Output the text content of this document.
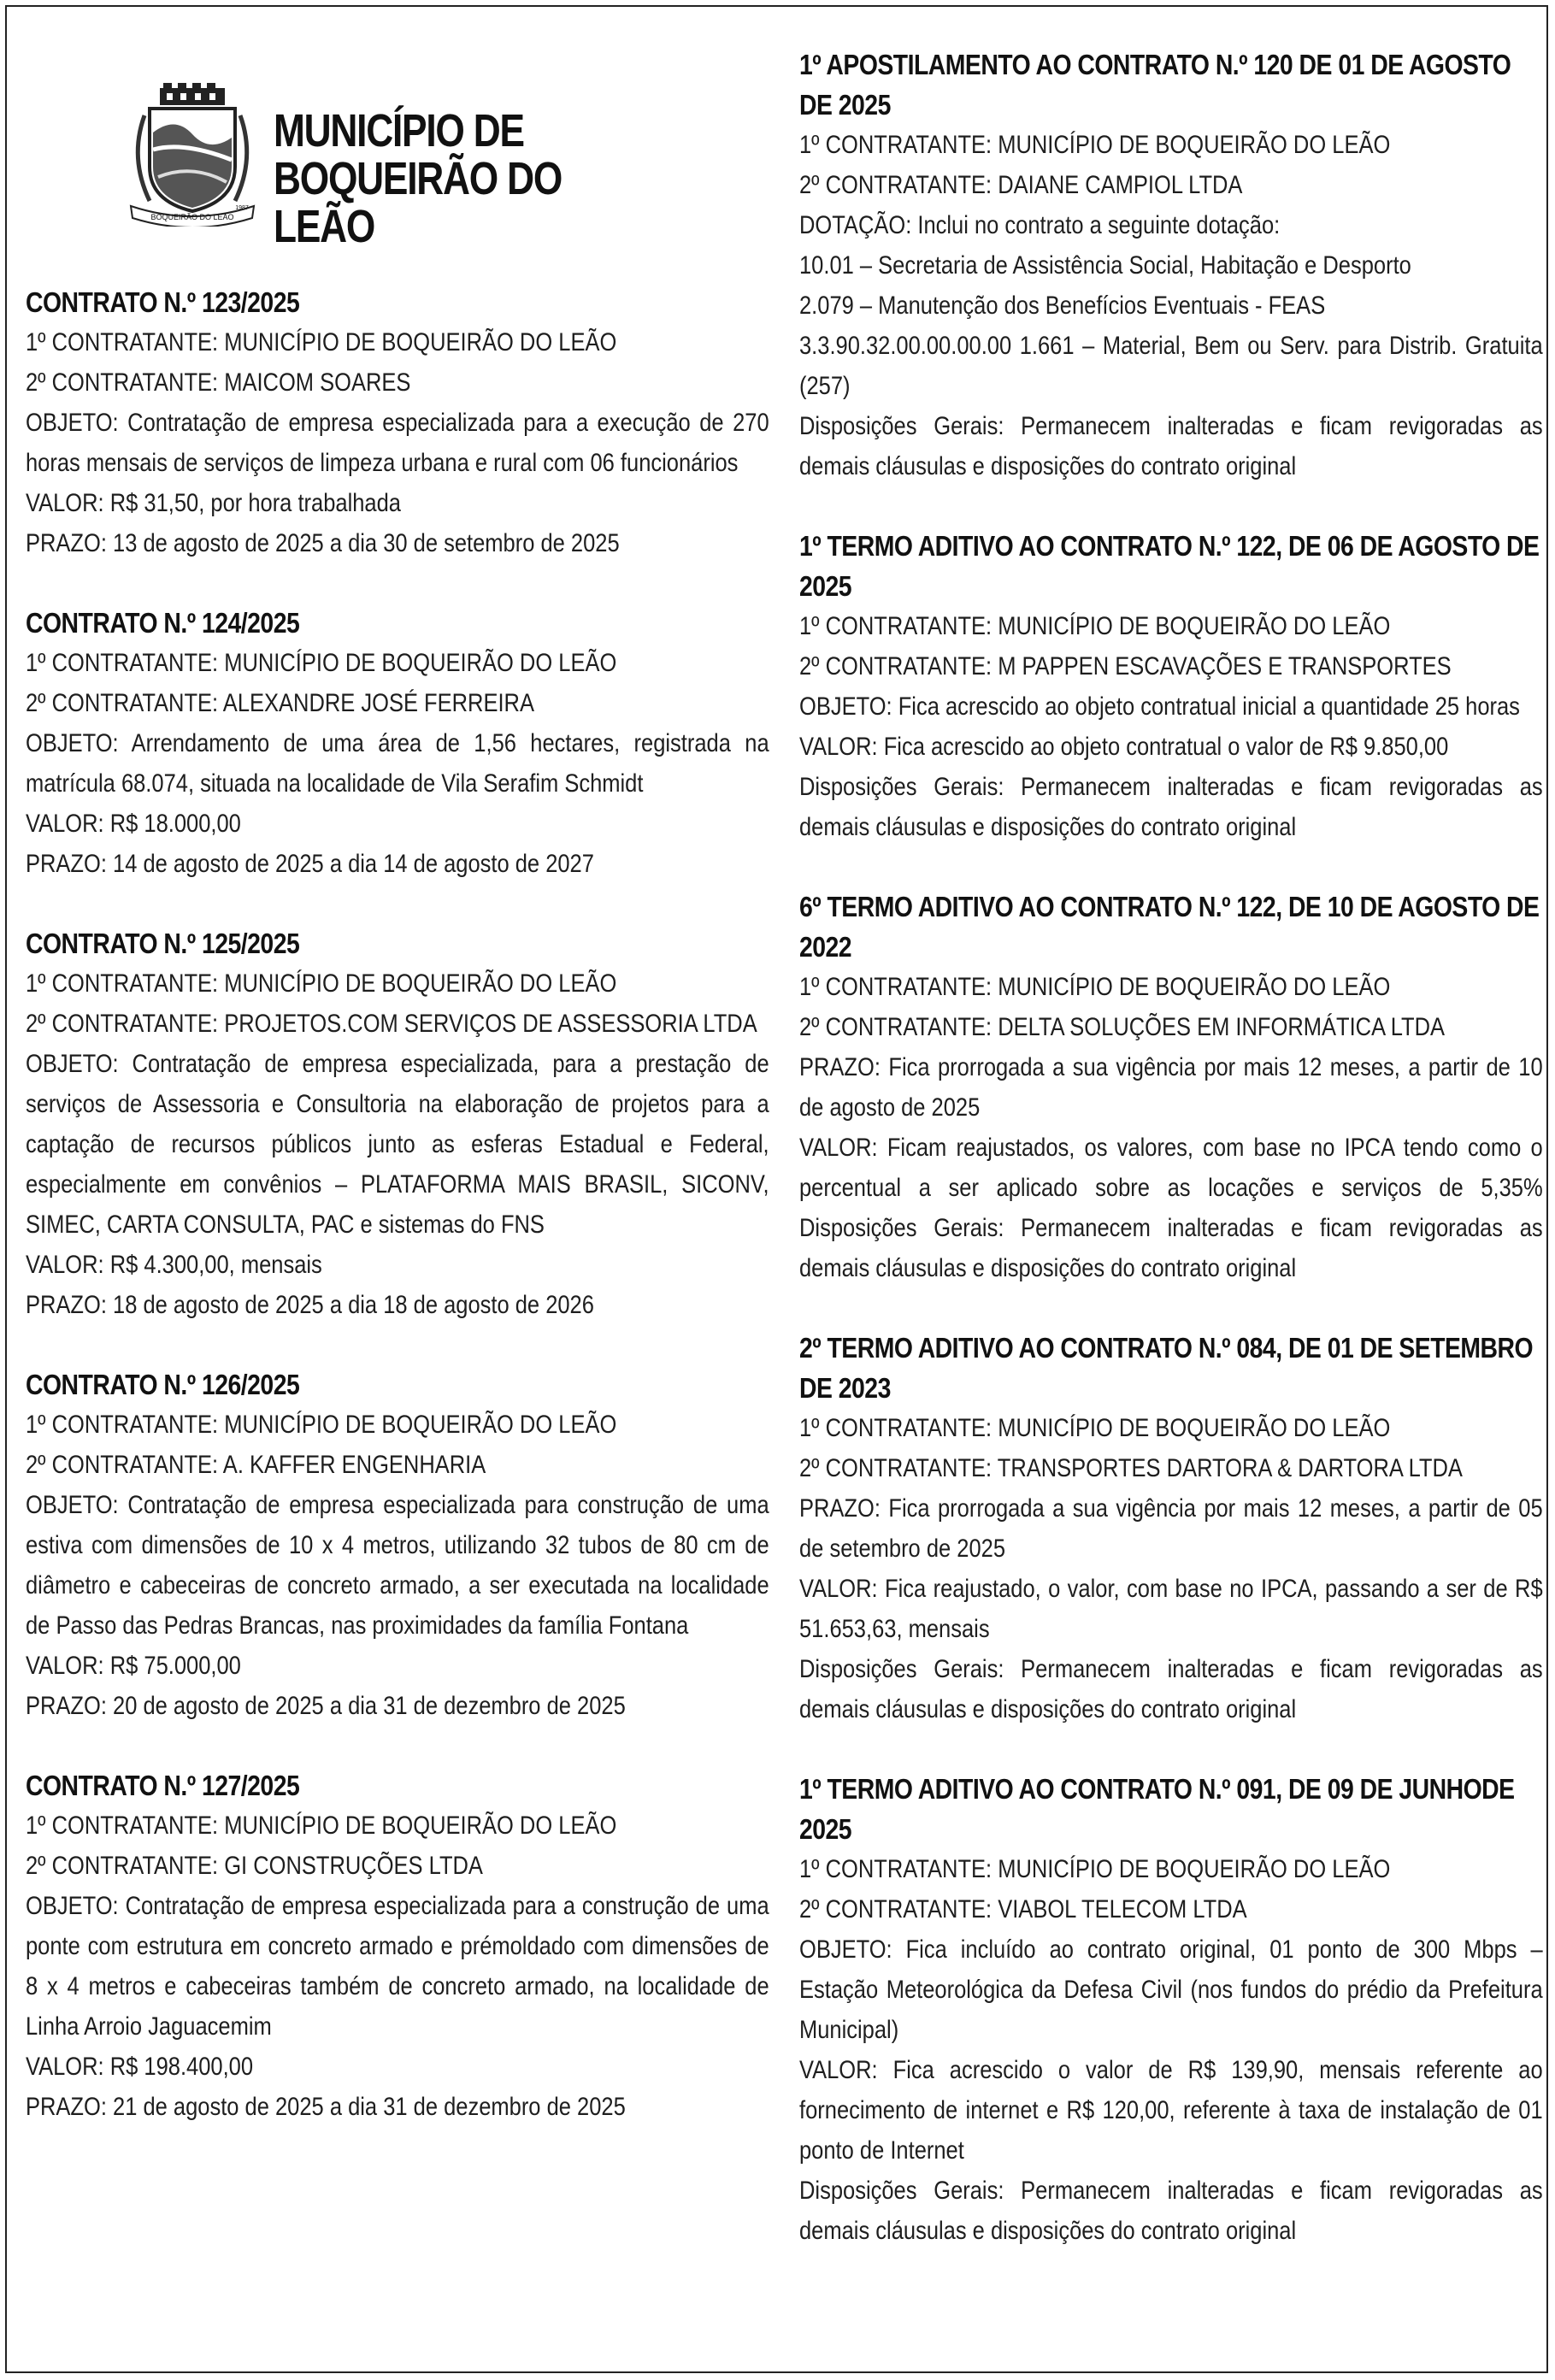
BOQUEIRÃO DO LEÃO
1987
MUNICÍPIO DE
BOQUEIRÃO DO LEÃO

CONTRATO N.º 123/2025

1º CONTRATANTE: MUNICÍPIO DE BOQUEIRÃO DO LEÃO

2º CONTRATANTE: MAICOM SOARES

OBJETO: Contratação de empresa especializada para a execução de 270 horas mensais de serviços de limpeza urbana e rural com 06 funcionários

VALOR: R$ 31,50, por hora trabalhada

PRAZO: 13 de agosto de 2025 a dia 30 de setembro de 2025

CONTRATO N.º 124/2025

1º CONTRATANTE: MUNICÍPIO DE BOQUEIRÃO DO LEÃO

2º CONTRATANTE: ALEXANDRE JOSÉ FERREIRA

OBJETO: Arrendamento de uma área de 1,56 hectares, registrada na matrícula 68.074, situada na localidade de Vila Serafim Schmidt

VALOR: R$ 18.000,00

PRAZO: 14 de agosto de 2025 a dia 14 de agosto de 2027

CONTRATO N.º 125/2025

1º CONTRATANTE: MUNICÍPIO DE BOQUEIRÃO DO LEÃO

2º CONTRATANTE: PROJETOS.COM SERVIÇOS DE ASSESSORIA LTDA

OBJETO: Contratação de empresa especializada, para a prestação de serviços de Assessoria e Consultoria na elaboração de projetos para a captação de recursos públicos junto as esferas Estadual e Federal, especialmente em convênios – PLATAFORMA MAIS BRASIL, SICONV, SIMEC, CARTA CONSULTA, PAC e sistemas do FNS

VALOR: R$ 4.300,00, mensais

PRAZO: 18 de agosto de 2025 a dia 18 de agosto de 2026

CONTRATO N.º 126/2025

1º CONTRATANTE: MUNICÍPIO DE BOQUEIRÃO DO LEÃO

2º CONTRATANTE: A. KAFFER ENGENHARIA

OBJETO: Contratação de empresa especializada para construção de uma estiva com dimensões de 10 x 4 metros, utilizando 32 tubos de 80 cm de diâmetro e cabeceiras de concreto armado, a ser executada na localidade de Passo das Pedras Brancas, nas proximidades da família Fontana

VALOR: R$ 75.000,00

PRAZO: 20 de agosto de 2025 a dia 31 de dezembro de 2025

CONTRATO N.º 127/2025

1º CONTRATANTE: MUNICÍPIO DE BOQUEIRÃO DO LEÃO

2º CONTRATANTE: GI CONSTRUÇÕES LTDA

OBJETO: Contratação de empresa especializada para a construção de uma ponte com estrutura em concreto armado e prémoldado com dimensões de 8 x 4 metros e cabeceiras também de concreto armado, na localidade de Linha Arroio Jaguacemim

VALOR: R$ 198.400,00

PRAZO: 21 de agosto de 2025 a dia 31 de dezembro de 2025

1º APOSTILAMENTO AO CONTRATO N.º 120 DE 01 DE AGOSTO DE 2025

1º CONTRATANTE: MUNICÍPIO DE BOQUEIRÃO DO LEÃO

2º CONTRATANTE: DAIANE CAMPIOL LTDA

DOTAÇÃO: Inclui no contrato a seguinte dotação:

10.01 – Secretaria de Assistência Social, Habitação e Desporto

2.079 – Manutenção dos Benefícios Eventuais - FEAS

3.3.90.32.00.00.00.00 1.661 – Material, Bem ou Serv. para Distrib. Gratuita (257)

Disposições Gerais: Permanecem inalteradas e ficam revigoradas as demais cláusulas e disposições do contrato original

1º TERMO ADITIVO AO CONTRATO N.º 122, DE 06 DE AGOSTO DE 2025

1º CONTRATANTE: MUNICÍPIO DE BOQUEIRÃO DO LEÃO

2º CONTRATANTE: M PAPPEN ESCAVAÇÕES E TRANSPORTES

OBJETO: Fica acrescido ao objeto contratual inicial a quantidade 25 horas

VALOR: Fica acrescido ao objeto contratual o valor de R$ 9.850,00

Disposições Gerais: Permanecem inalteradas e ficam revigoradas as demais cláusulas e disposições do contrato original

6º TERMO ADITIVO AO CONTRATO N.º 122, DE 10 DE AGOSTO DE 2022

1º CONTRATANTE: MUNICÍPIO DE BOQUEIRÃO DO LEÃO

2º CONTRATANTE: DELTA SOLUÇÕES EM INFORMÁTICA LTDA

PRAZO: Fica prorrogada a sua vigência por mais 12 meses, a partir de 10 de agosto de 2025

VALOR: Ficam reajustados, os valores, com base no IPCA tendo como o percentual a ser aplicado sobre as locações e serviços de 5,35% Disposições Gerais: Permanecem inalteradas e ficam revigoradas as demais cláusulas e disposições do contrato original

2º TERMO ADITIVO AO CONTRATO N.º 084, DE 01 DE SETEMBRO DE 2023

1º CONTRATANTE: MUNICÍPIO DE BOQUEIRÃO DO LEÃO

2º CONTRATANTE: TRANSPORTES DARTORA & DARTORA LTDA

PRAZO: Fica prorrogada a sua vigência por mais 12 meses, a partir de 05 de setembro de 2025

VALOR: Fica reajustado, o valor, com base no IPCA, passando a ser de R$ 51.653,63, mensais

Disposições Gerais: Permanecem inalteradas e ficam revigoradas as demais cláusulas e disposições do contrato original

1º TERMO ADITIVO AO CONTRATO N.º 091, DE 09 DE JUNHODE 2025

1º CONTRATANTE: MUNICÍPIO DE BOQUEIRÃO DO LEÃO

2º CONTRATANTE: VIABOL TELECOM LTDA

OBJETO: Fica incluído ao contrato original, 01 ponto de 300 Mbps – Estação Meteorológica da Defesa Civil (nos fundos do prédio da Prefeitura Municipal)

VALOR: Fica acrescido o valor de R$ 139,90, mensais referente ao fornecimento de internet e R$ 120,00, referente à taxa de instalação de 01 ponto de Internet

Disposições Gerais: Permanecem inalteradas e ficam revigoradas as demais cláusulas e disposições do contrato original
